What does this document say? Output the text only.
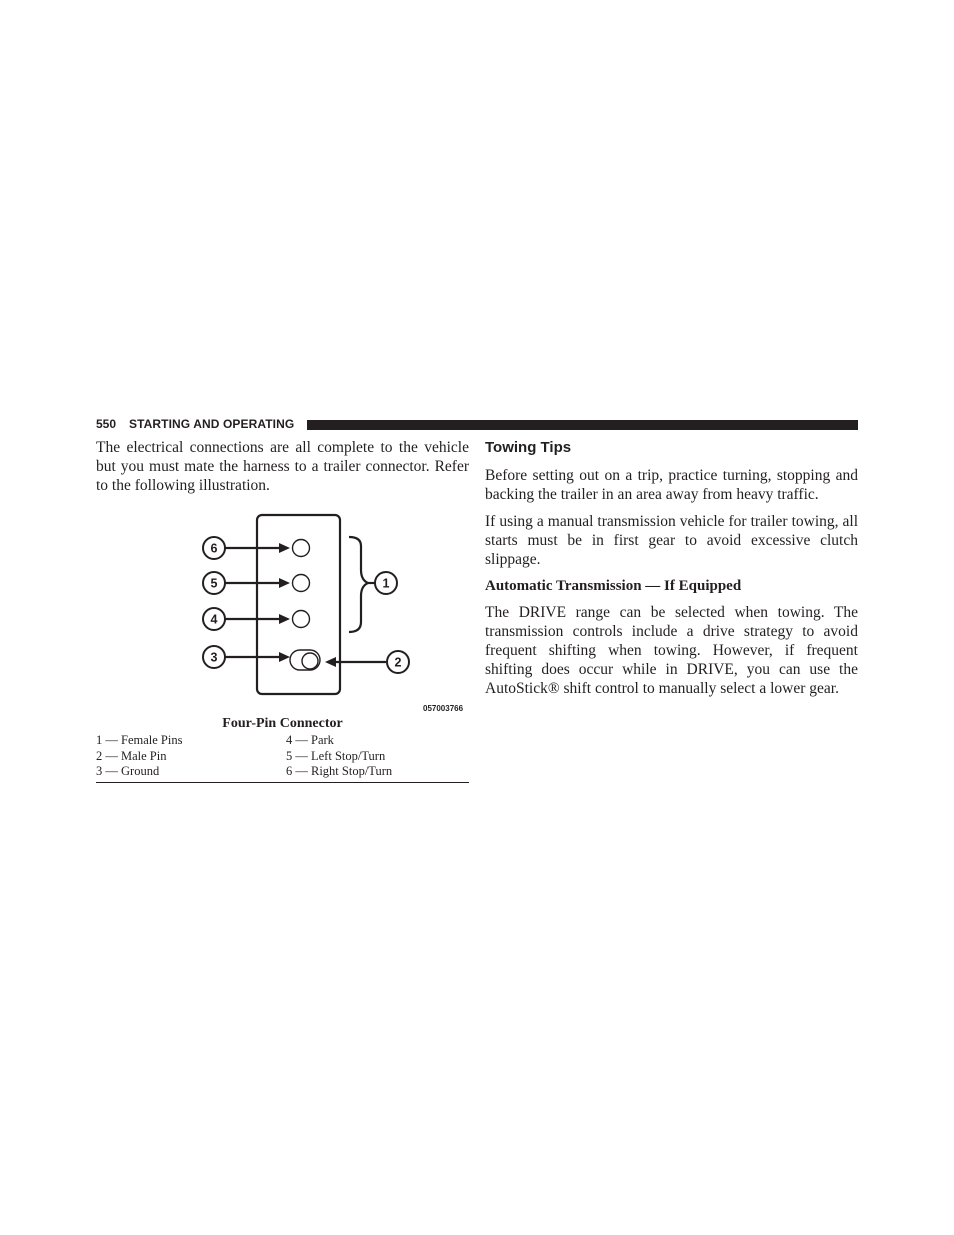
550 STARTING AND OPERATING

The electrical connections are all complete to the vehicle but you must mate the harness to a trailer connector. Refer to the following illustration.

6
5
4
3
1
2
057003766
Four-Pin Connector
1 — Female Pins	4 — Park
2 — Male Pin	5 — Left Stop/Turn
3 — Ground	6 — Right Stop/Turn
Towing Tips

Before setting out on a trip, practice turning, stopping and backing the trailer in an area away from heavy traffic.

If using a manual transmission vehicle for trailer towing, all starts must be in first gear to avoid excessive clutch slippage.

Automatic Transmission — If Equipped

The DRIVE range can be selected when towing. The transmission controls include a drive strategy to avoid frequent shifting when towing. However, if frequent shifting does occur while in DRIVE, you can use the AutoStick® shift control to manually select a lower gear.
